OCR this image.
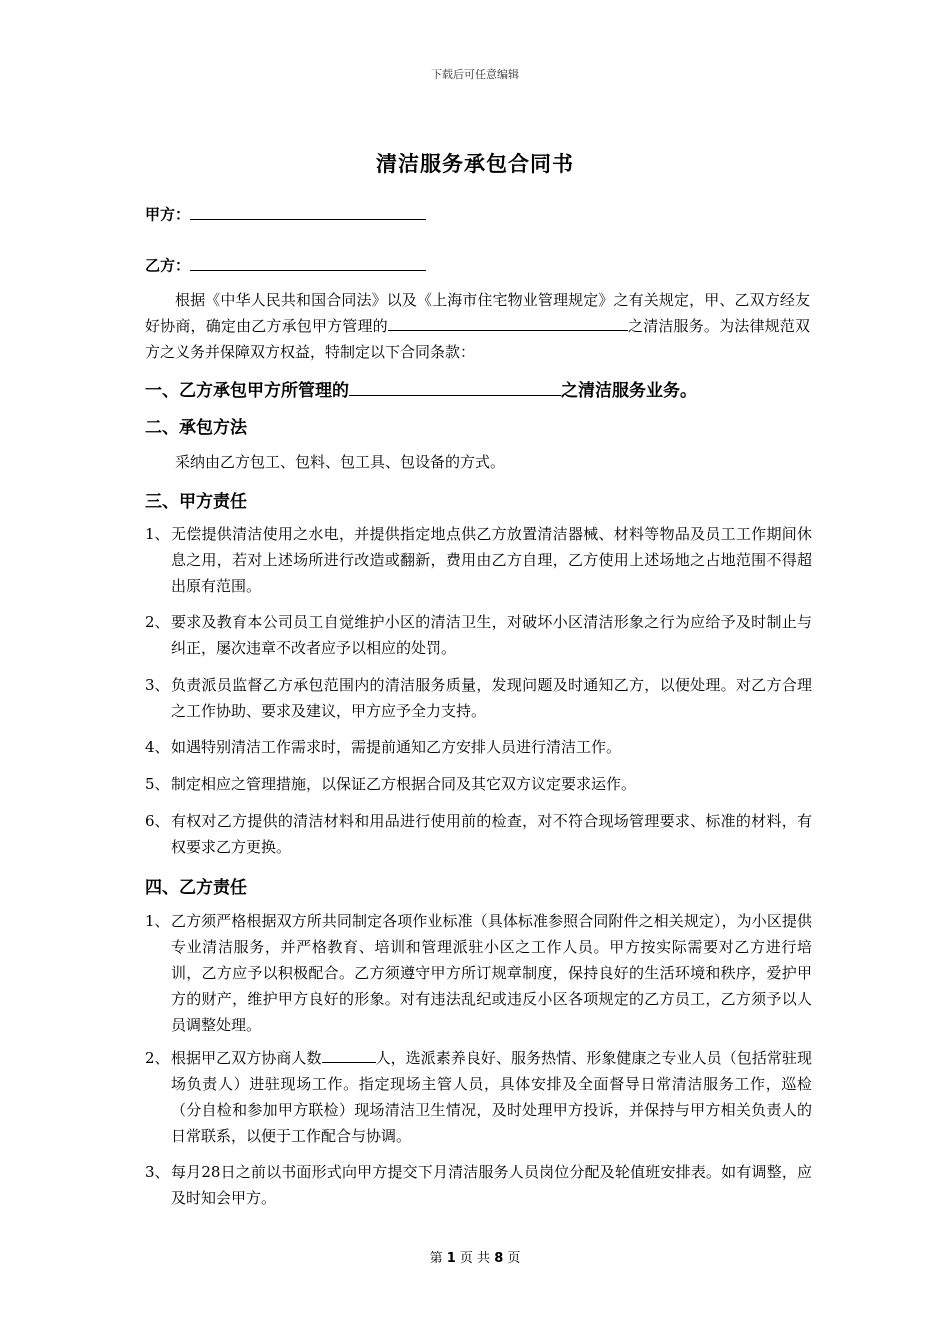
下载后可任意编辑
清洁服务承包合同书
甲方：
乙方：
根据《中华人民共和国合同法》以及《上海市住宅物业管理规定》之有关规定，甲、乙双方经友好协商，确定由乙方承包甲方管理的	之清洁服务。为法律规范双方之义务并保障双方权益，特制定以下合同条款：
一、乙方承包甲方所管理的	之清洁服务业务。
二、承包方法
采纳由乙方包工、包料、包工具、包设备的方式。
三、甲方责任
1、 无偿提供清洁使用之水电，并提供指定地点供乙方放置清洁器械、材料等物品及员工工作期间休息之用，若对上述场所进行改造或翻新，费用由乙方自理，乙方使用上述场地之占地范围不得超出原有范围。
2、 要求及教育本公司员工自觉维护小区的清洁卫生，对破坏小区清洁形象之行为应给予及时制止与纠正，屡次违章不改者应予以相应的处罚。
3、 负责派员监督乙方承包范围内的清洁服务质量，发现问题及时通知乙方，以便处理。对乙方合理之工作协助、要求及建议，甲方应予全力支持。
4、 如遇特别清洁工作需求时，需提前通知乙方安排人员进行清洁工作。
5、 制定相应之管理措施，以保证乙方根据合同及其它双方议定要求运作。
6、 有权对乙方提供的清洁材料和用品进行使用前的检查，对不符合现场管理要求、标准的材料，有权要求乙方更换。
四、乙方责任
1、 乙方须严格根据双方所共同制定各项作业标准（具体标准参照合同附件之相关规定），为小区提供专业清洁服务，并严格教育、培训和管理派驻小区之工作人员。甲方按实际需要对乙方进行培训，乙方应予以积极配合。乙方须遵守甲方所订规章制度，保持良好的生活环境和秩序，爱护甲方的财产，维护甲方良好的形象。对有违法乱纪或违反小区各项规定的乙方员工，乙方须予以人员调整处理。
2、 根据甲乙双方协商人数	人，选派素养良好、服务热情、形象健康之专业人员（包括常驻现场负责人）进驻现场工作。指定现场主管人员，具体安排及全面督导日常清洁服务工作，巡检（分自检和参加甲方联检）现场清洁卫生情况，及时处理甲方投诉，并保持与甲方相关负责人的日常联系，以便于工作配合与协调。
3、 每月28日之前以书面形式向甲方提交下月清洁服务人员岗位分配及轮值班安排表。如有调整，应及时知会甲方。
第 1 页 共 8 页
